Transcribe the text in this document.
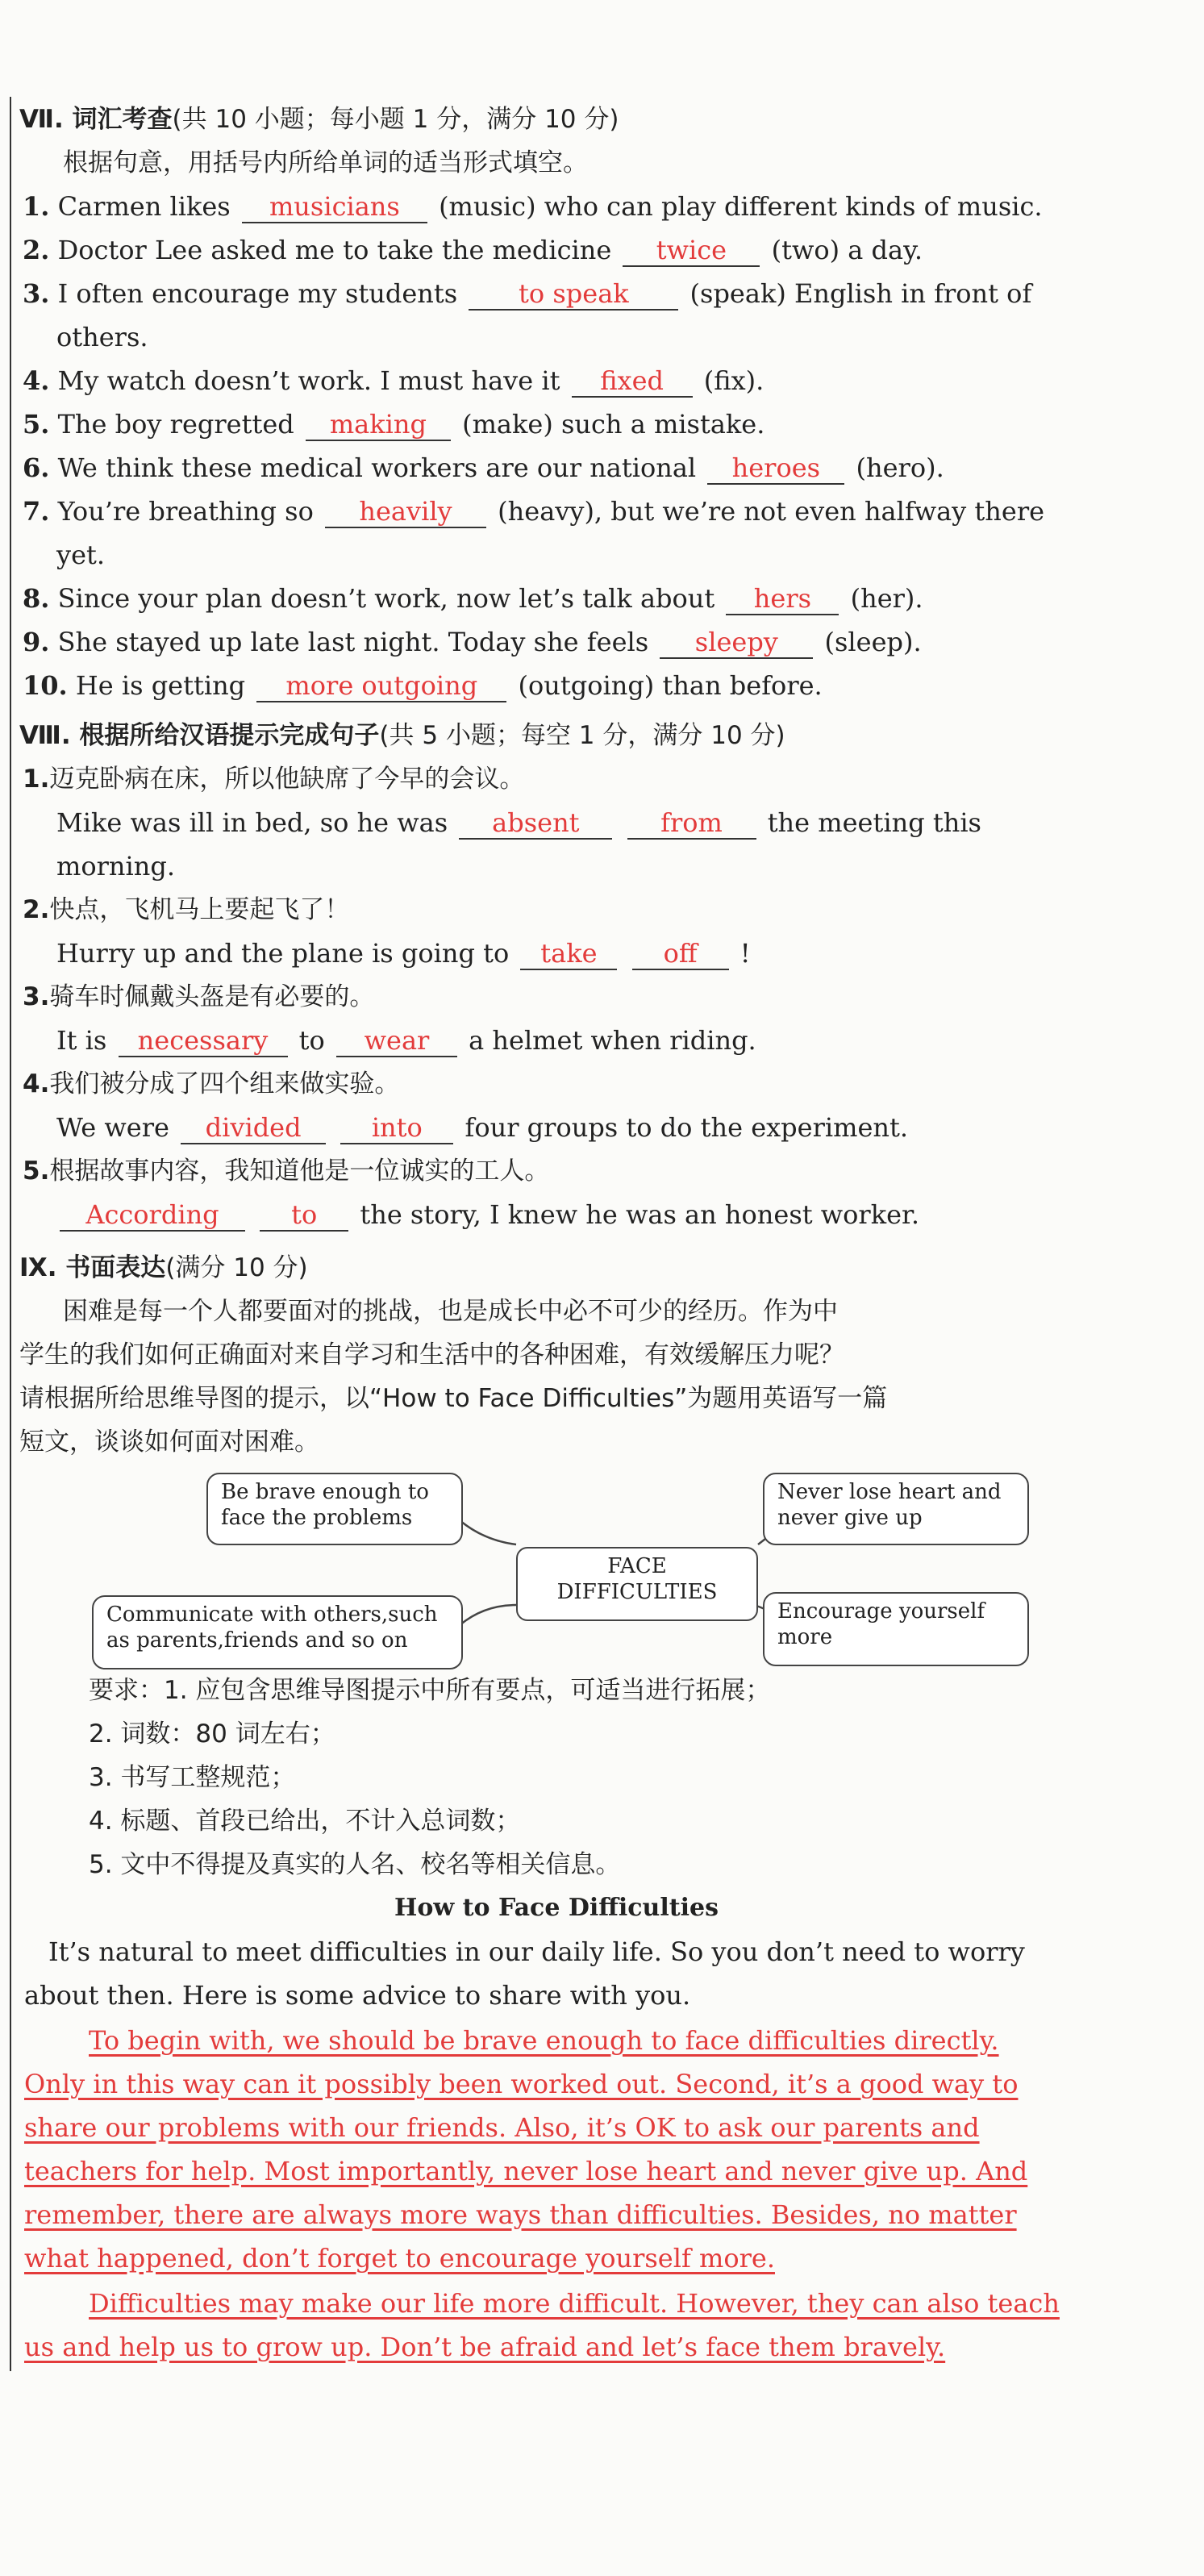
Ⅶ. 词汇考查(共 10 小题；每小题 1 分，满分 10 分)
根据句意，用括号内所给单词的适当形式填空。
1. Carmen likes musicians (music) who can play different kinds of music.
2. Doctor Lee asked me to take the medicine twice (two) a day.
3. I often encourage my students to speak (speak) English in front of
others.
4. My watch doesn’t work. I must have it fixed (fix).
5. The boy regretted making (make) such a mistake.
6. We think these medical workers are our national heroes (hero).
7. You’re breathing so heavily (heavy), but we’re not even halfway there
yet.
8. Since your plan doesn’t work, now let’s talk about hers (her).
9. She stayed up late last night. Today she feels sleepy (sleep).
10. He is getting more outgoing (outgoing) than before.
Ⅷ. 根据所给汉语提示完成句子(共 5 小题；每空 1 分，满分 10 分)
1.迈克卧病在床，所以他缺席了今早的会议。
Mike was ill in bed, so he was absent	from the meeting this
morning.
2.快点，飞机马上要起飞了！
Hurry up and the plane is going to take	off !
3.骑车时佩戴头盔是有必要的。
It is necessary to wear a helmet when riding.
4.我们被分成了四个组来做实验。
We were divided	into four groups to do the experiment.
5.根据故事内容，我知道他是一位诚实的工人。
According	to the story, I knew he was an honest worker.
Ⅸ. 书面表达(满分 10 分)
困难是每一个人都要面对的挑战，也是成长中必不可少的经历。作为中
学生的我们如何正确面对来自学习和生活中的各种困难，有效缓解压力呢？
请根据所给思维导图的提示，以“How to Face Difficulties”为题用英语写一篇
短文，谈谈如何面对困难。
Be brave enough to
face the problems
Never lose heart and
never give up
FACE
DIFFICULTIES
Communicate with others,such
as parents,friends and so on
Encourage yourself
more
要求：1. 应包含思维导图提示中所有要点，可适当进行拓展；
2. 词数：80 词左右；
3. 书写工整规范；
4. 标题、首段已给出，不计入总词数；
5. 文中不得提及真实的人名、校名等相关信息。
How to Face Difficulties
It’s natural to meet difficulties in our daily life. So you don’t need to worry
about then. Here is some advice to share with you.
To begin with, we should be brave enough to face difficulties directly.
Only in this way can it possibly been worked out. Second, it’s a good way to
share our problems with our friends. Also, it’s OK to ask our parents and
teachers for help. Most importantly, never lose heart and never give up. And
remember, there are always more ways than difficulties. Besides, no matter
what happened, don’t forget to encourage yourself more.
Difficulties may make our life more difficult. However, they can also teach
us and help us to grow up. Don’t be afraid and let’s face them bravely.
